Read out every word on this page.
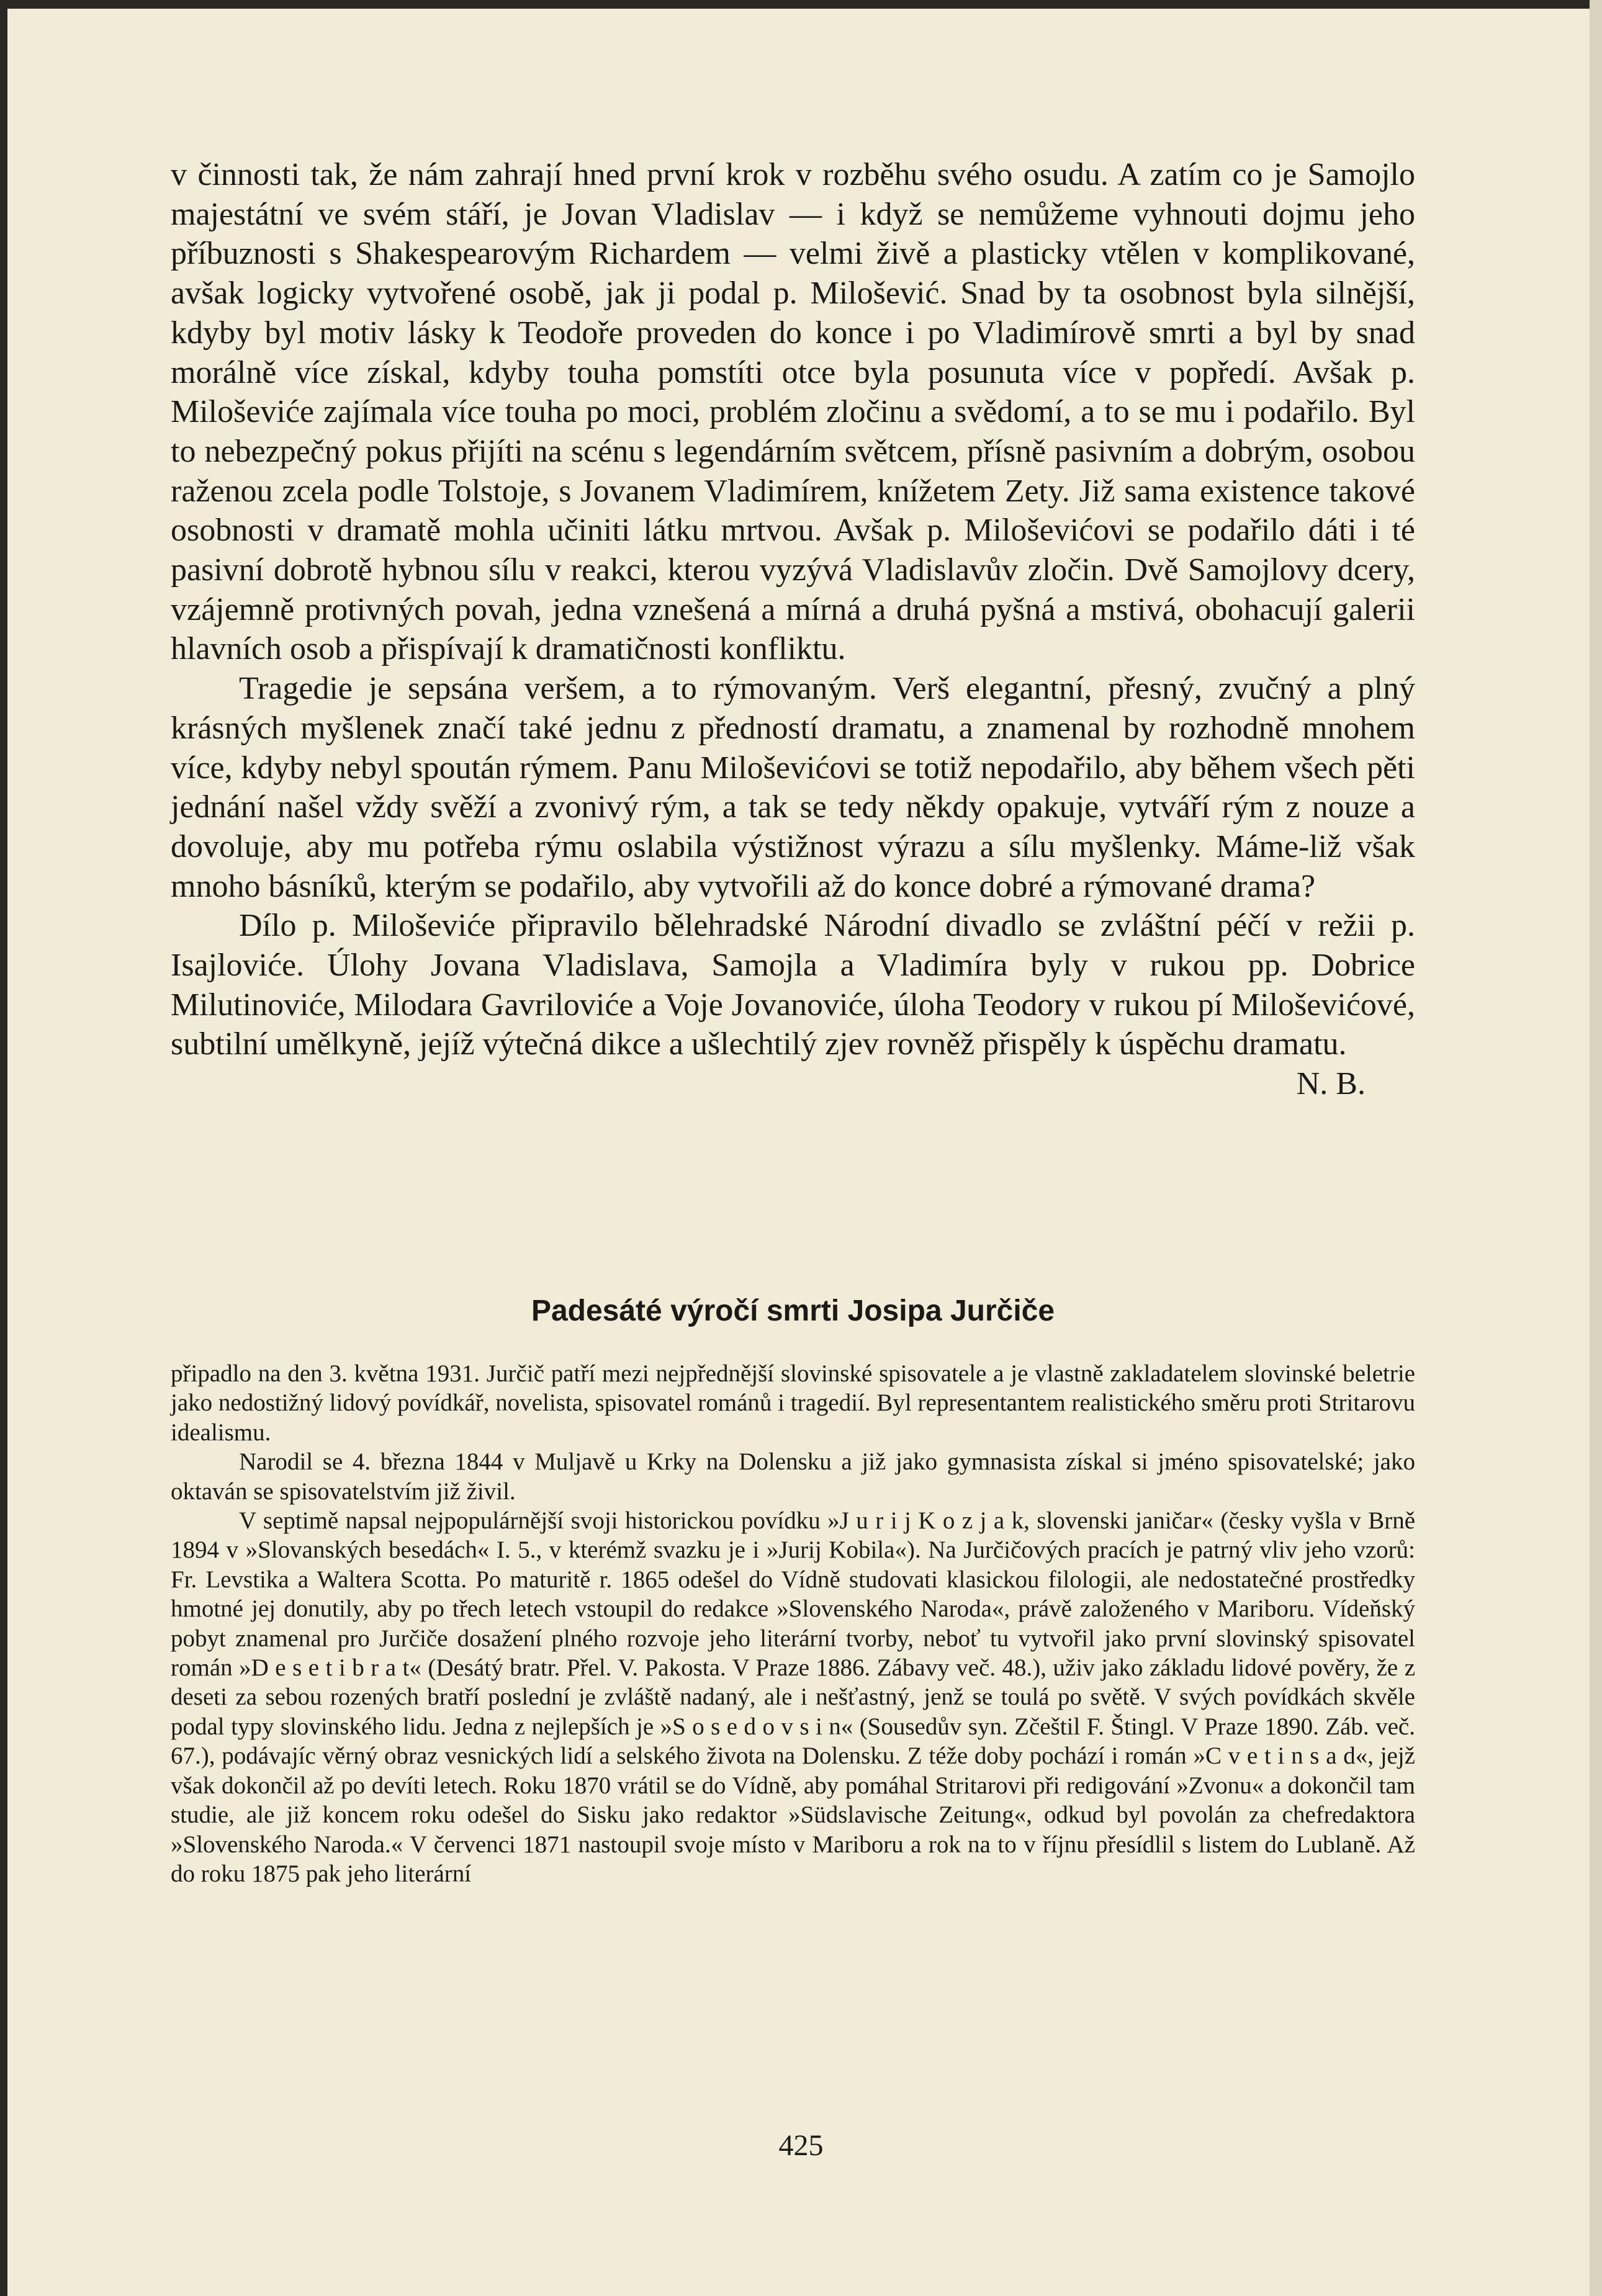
v činnosti tak, že nám zahrají hned první krok v rozběhu svého osudu. A zatím co je Samojlo majestátní ve svém stáří, je Jovan Vladislav — i když se nemůžeme vyhnouti dojmu jeho příbuznosti s Shakespearovým Richardem — velmi živě a plasticky vtělen v komplikované, avšak logicky vytvořené osobě, jak ji podal p. Milošević. Snad by ta osobnost byla silnější, kdyby byl motiv lásky k Teodoře proveden do konce i po Vladimírově smrti a byl by snad morálně více získal, kdyby touha pomstíti otce byla posunuta více v popředí. Avšak p. Miloševiće zajímala více touha po moci, problém zločinu a svědomí, a to se mu i podařilo. Byl to nebezpečný pokus přijíti na scénu s legendárním světcem, přísně pasivním a dobrým, osobou raženou zcela podle Tolstoje, s Jovanem Vladimírem, knížetem Zety. Již sama existence takové osobnosti v dramatě mohla učiniti látku mrtvou. Avšak p. Miloševićovi se podařilo dáti i té pasivní dobrotě hybnou sílu v reakci, kterou vyzývá Vladislavův zločin. Dvě Samojlovy dcery, vzájemně protivných povah, jedna vznešená a mírná a druhá pyšná a mstivá, obohacují galerii hlavních osob a přispívají k dramatičnosti konfliktu.

Tragedie je sepsána veršem, a to rýmovaným. Verš elegantní, přesný, zvučný a plný krásných myšlenek značí také jednu z předností dramatu, a znamenal by rozhodně mnohem více, kdyby nebyl spoután rýmem. Panu Miloševićovi se totiž nepodařilo, aby během všech pěti jednání našel vždy svěží a zvonivý rým, a tak se tedy někdy opakuje, vytváří rým z nouze a dovoluje, aby mu potřeba rýmu oslabila výstižnost výrazu a sílu myšlenky. Máme-liž však mnoho básníků, kterým se podařilo, aby vytvořili až do konce dobré a rýmované drama?

Dílo p. Miloševiće připravilo bělehradské Národní divadlo se zvláštní péčí v režii p. Isajloviće. Úlohy Jovana Vladislava, Samojla a Vladimíra byly v rukou pp. Dobrice Milutinoviće, Milodara Gavriloviće a Voje Jovanoviće, úloha Teodory v rukou pí Miloševićové, subtilní umělkyně, jejíž výtečná dikce a ušlechtilý zjev rovněž přispěly k úspěchu dramatu.

N. B.
Padesáté výročí smrti Josipa Jurčiče

připadlo na den 3. května 1931. Jurčič patří mezi nejpřednější slovinské spisovatele a je vlastně zakladatelem slovinské beletrie jako nedostižný lidový povídkář, novelista, spisovatel románů i tragedií. Byl representantem realistického směru proti Stritarovu idealismu.

Narodil se 4. března 1844 v Muljavě u Krky na Dolensku a již jako gymnasista získal si jméno spisovatelské; jako oktaván se spisovatelstvím již živil.

V septimě napsal nejpopulárnější svoji historickou povídku »J u r i j K o z j a k, slovenski janičar« (česky vyšla v Brně 1894 v »Slovanských besedách« I. 5., v kterémž svazku je i »Jurij Kobila«). Na Jurčičových pracích je patrný vliv jeho vzorů: Fr. Levstika a Waltera Scotta. Po maturitě r. 1865 odešel do Vídně studovati klasickou filologii, ale nedostatečné prostředky hmotné jej donutily, aby po třech letech vstoupil do redakce »Slovenského Naroda«, právě založeného v Mariboru. Vídeňský pobyt znamenal pro Jurčiče dosažení plného rozvoje jeho literární tvorby, neboť tu vytvořil jako první slovinský spisovatel román »D e s e t i b r a t« (Desátý bratr. Přel. V. Pakosta. V Praze 1886. Zábavy več. 48.), uživ jako základu lidové pověry, že z deseti za sebou rozených bratří poslední je zvláště nadaný, ale i nešťastný, jenž se toulá po světě. V svých povídkách skvěle podal typy slovinského lidu. Jedna z nejlepších je »S o s e d o v s i n« (Sousedův syn. Zčeštil F. Štingl. V Praze 1890. Záb. več. 67.), podávajíc věrný obraz vesnických lidí a selského života na Dolensku. Z téže doby pochází i román »C v e t i n s a d«, jejž však dokončil až po devíti letech. Roku 1870 vrátil se do Vídně, aby pomáhal Stritarovi při redigování »Zvonu« a dokončil tam studie, ale již koncem roku odešel do Sisku jako redaktor »Südslavische Zeitung«, odkud byl povolán za chefredaktora »Slovenského Naroda.« V červenci 1871 nastoupil svoje místo v Mariboru a rok na to v říjnu přesídlil s listem do Lublaně. Až do roku 1875 pak jeho literární

425
